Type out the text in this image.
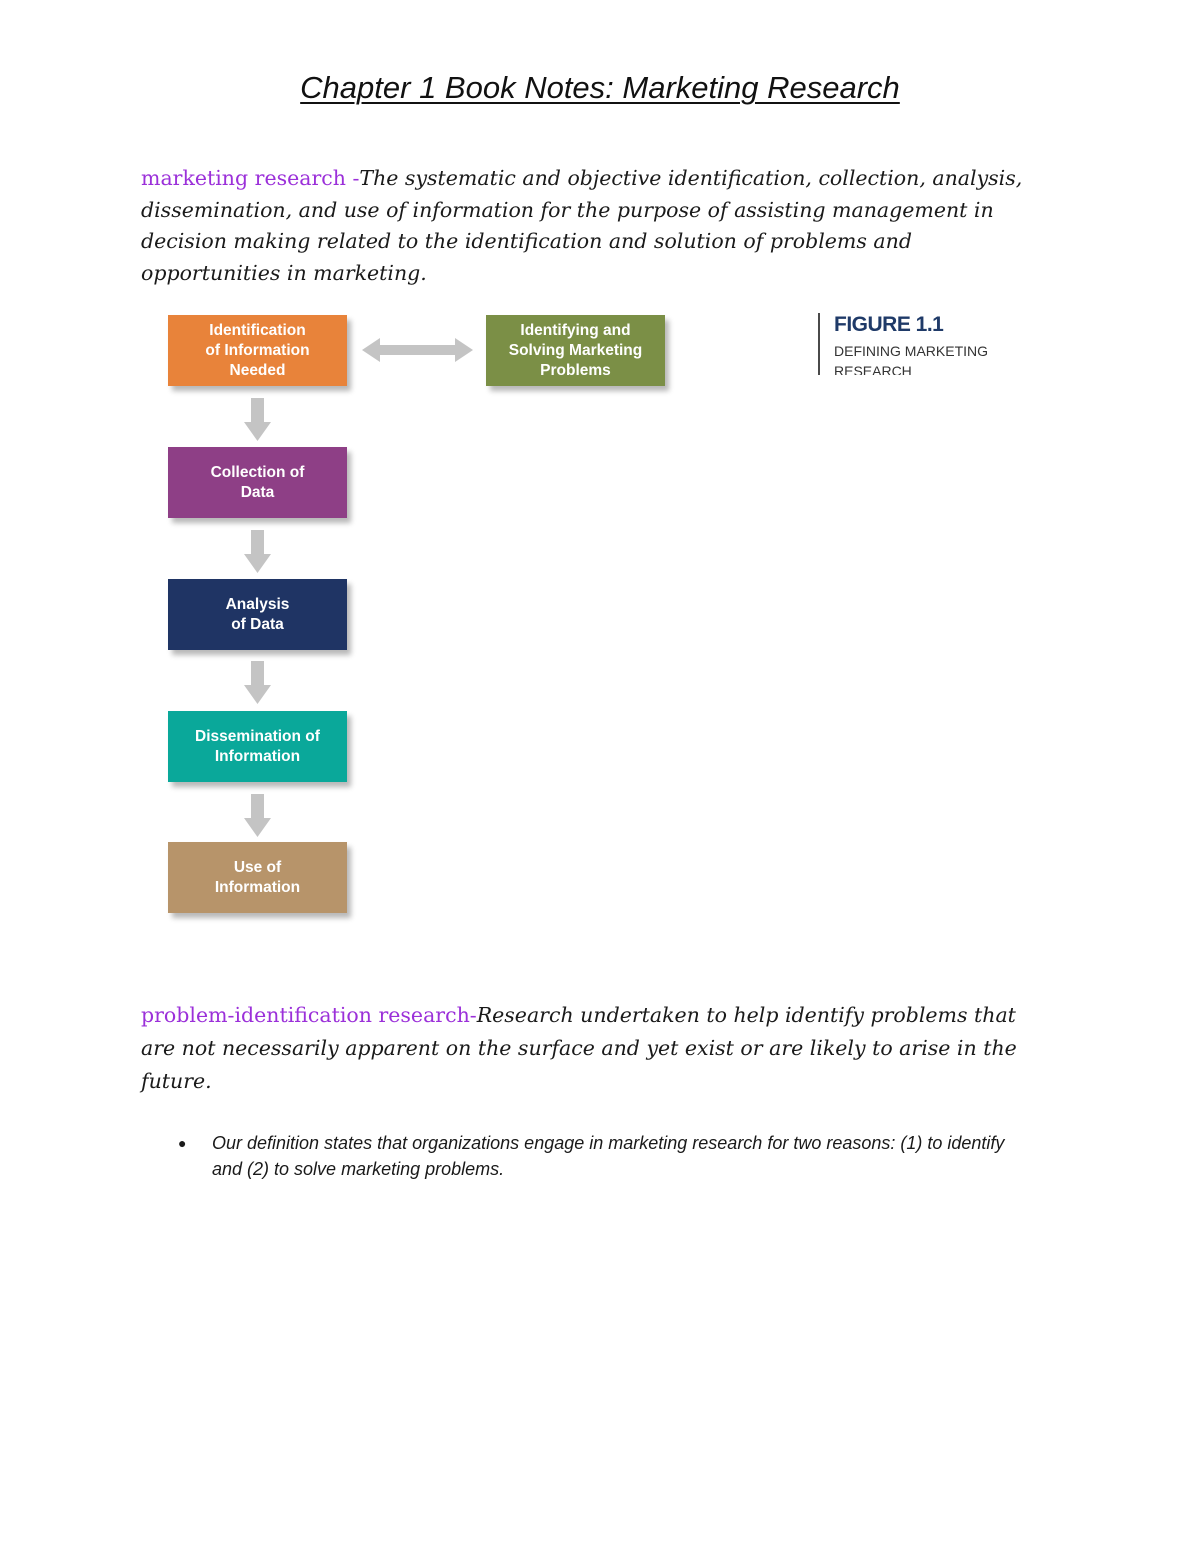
Chapter 1 Book Notes: Marketing Research
marketing research -The systematic and objective identification, collection, analysis, dissemination, and use of information for the purpose of assisting management in decision making related to the identification and solution of problems and opportunities in marketing.
Identification
of Information
Needed
Identifying and
Solving Marketing
Problems
Collection of
Data
Analysis
of Data
Dissemination of
Information
Use of
Information
FIGURE 1.1
DEFINING MARKETING RESEARCH
problem-identification research-Research undertaken to help identify problems that are not necessarily apparent on the surface and yet exist or are likely to arise in the future.
● Our definition states that organizations engage in marketing research for two reasons: (1) to identify and (2) to solve marketing problems.
